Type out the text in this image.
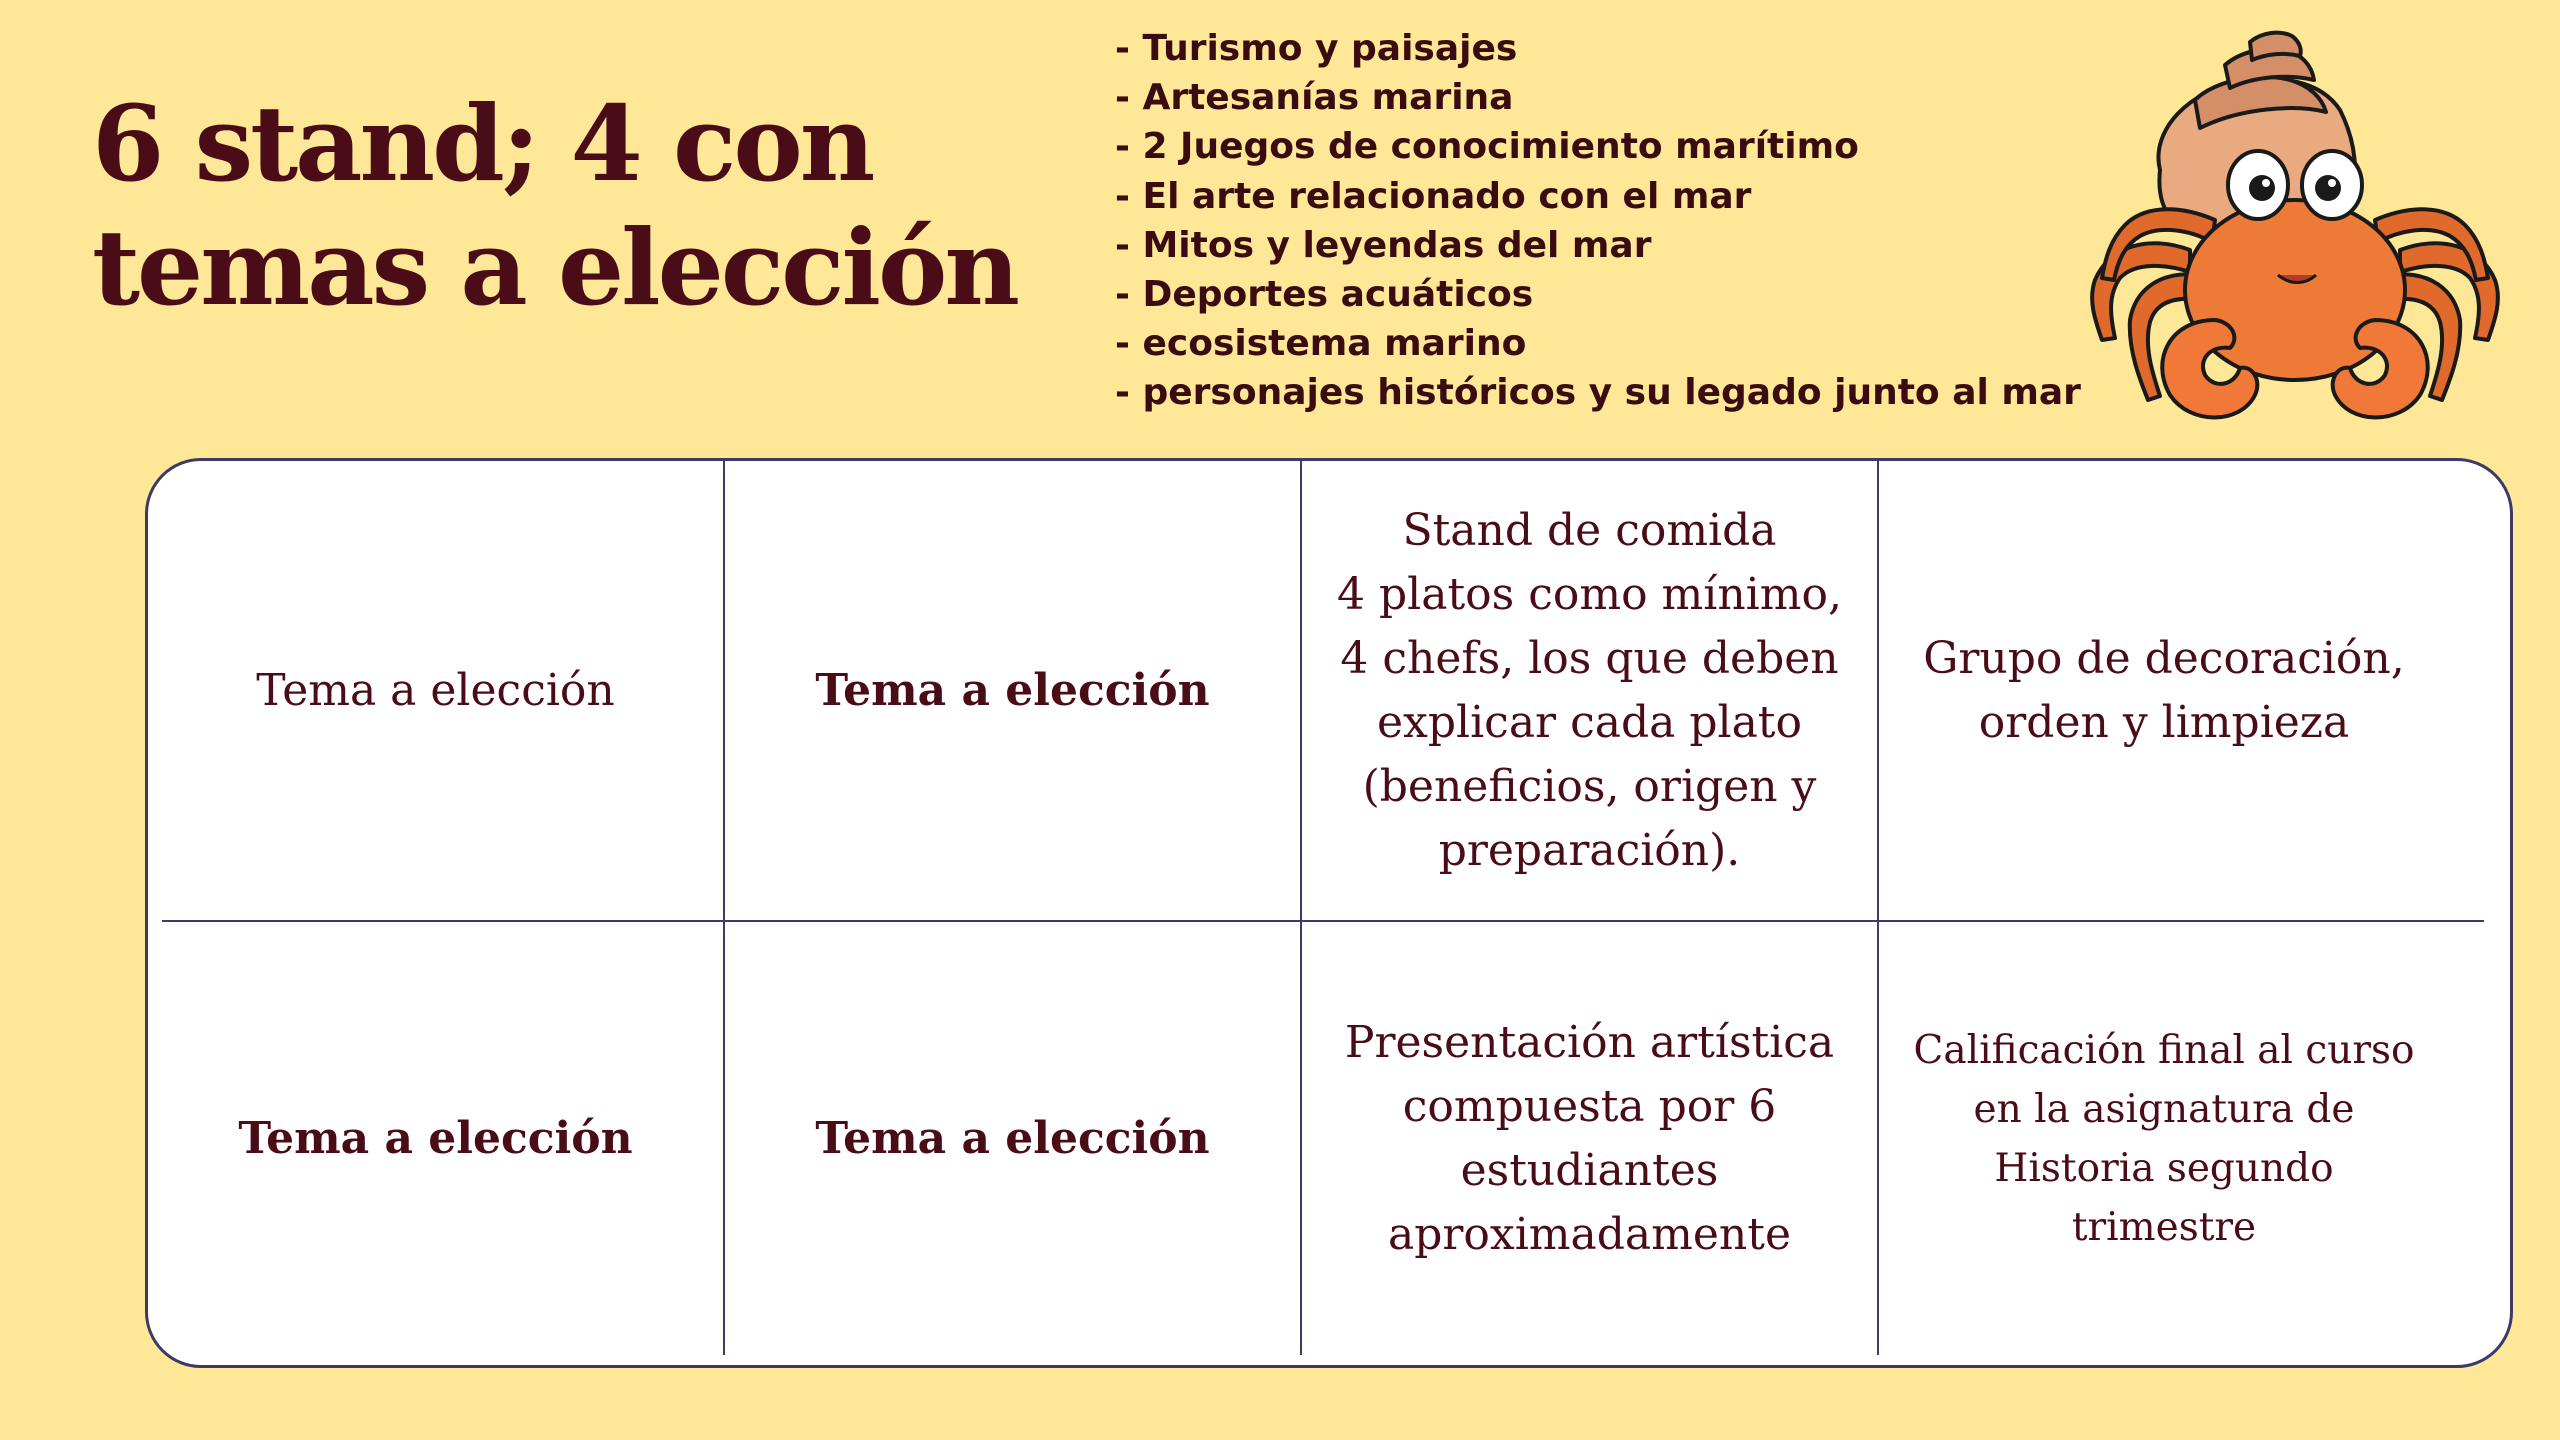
6 stand; 4 con temas a elección
- Turismo y paisajes
- Artesanías marina
- 2 Juegos de conocimiento marítimo
- El arte relacionado con el mar
- Mitos y leyendas del mar
- Deportes acuáticos
- ecosistema marino
- personajes históricos y su legado junto al mar
Tema a elección	Tema a elección
Stand de comida
4 platos como mínimo,
4 chefs, los que deben
explicar cada plato
(beneficios, origen y
preparación).
Grupo de decoración,
orden y limpieza
Tema a elección	Tema a elección
Presentación artística
compuesta por 6
estudiantes
aproximadamente
Calificación final al curso
en la asignatura de
Historia segundo
trimestre
